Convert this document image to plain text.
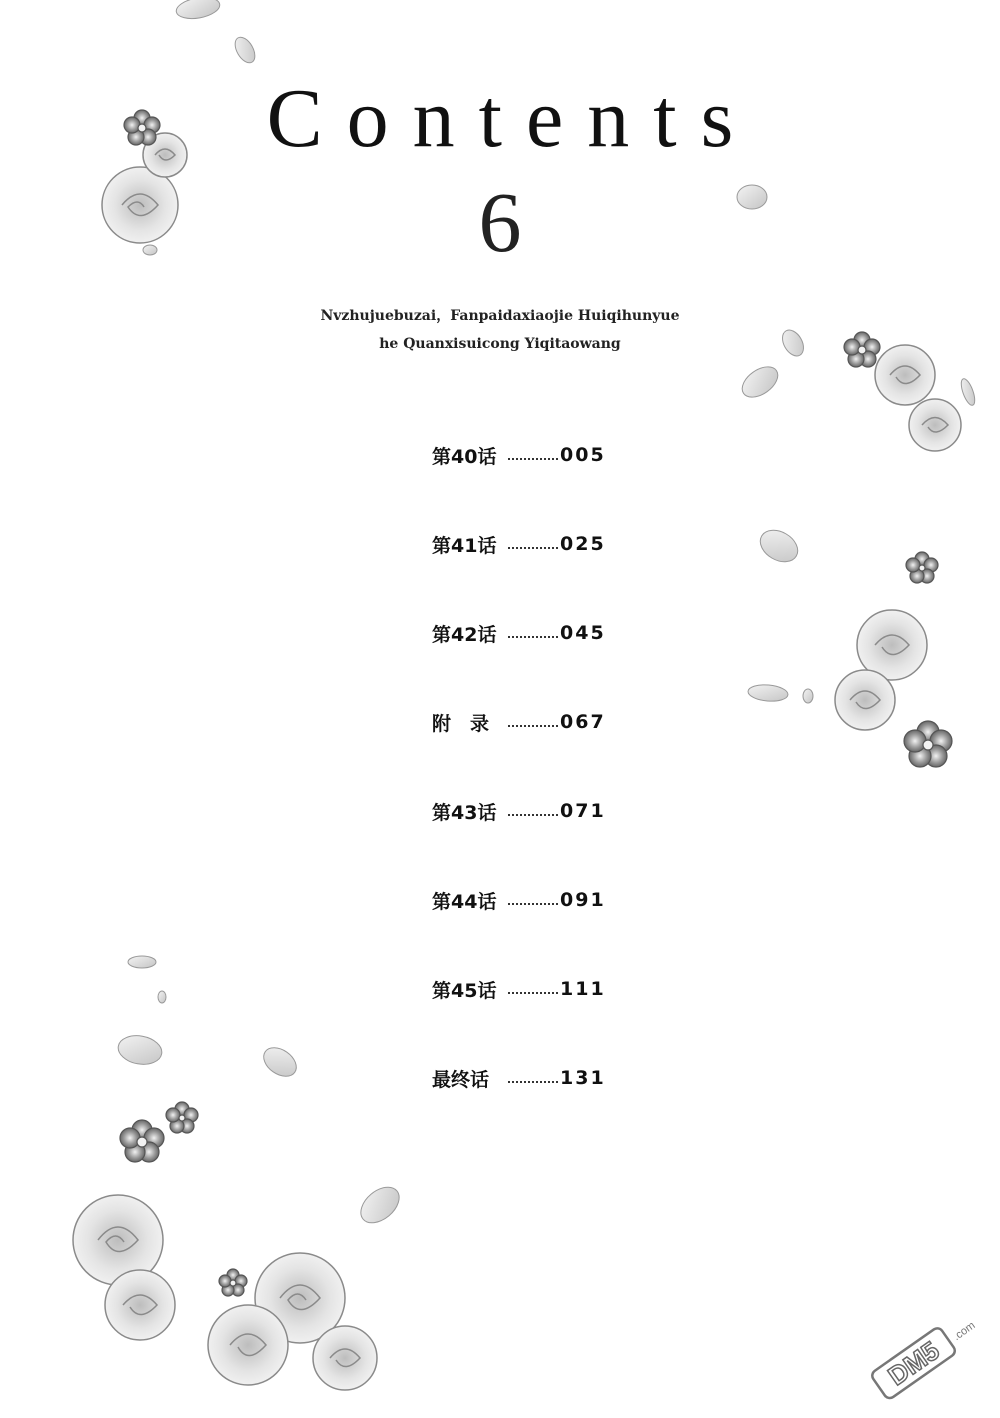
Contents
6
Nvzhujuebuzai，Fanpaidaxiaojie Huiqihunyue
he Quanxisuicong Yiqitaowang
第40话	005
第41话	025
第42话	045
附　录	067
第43话	071
第44话	091
第45话	111
最终话	131
DM5
.com
